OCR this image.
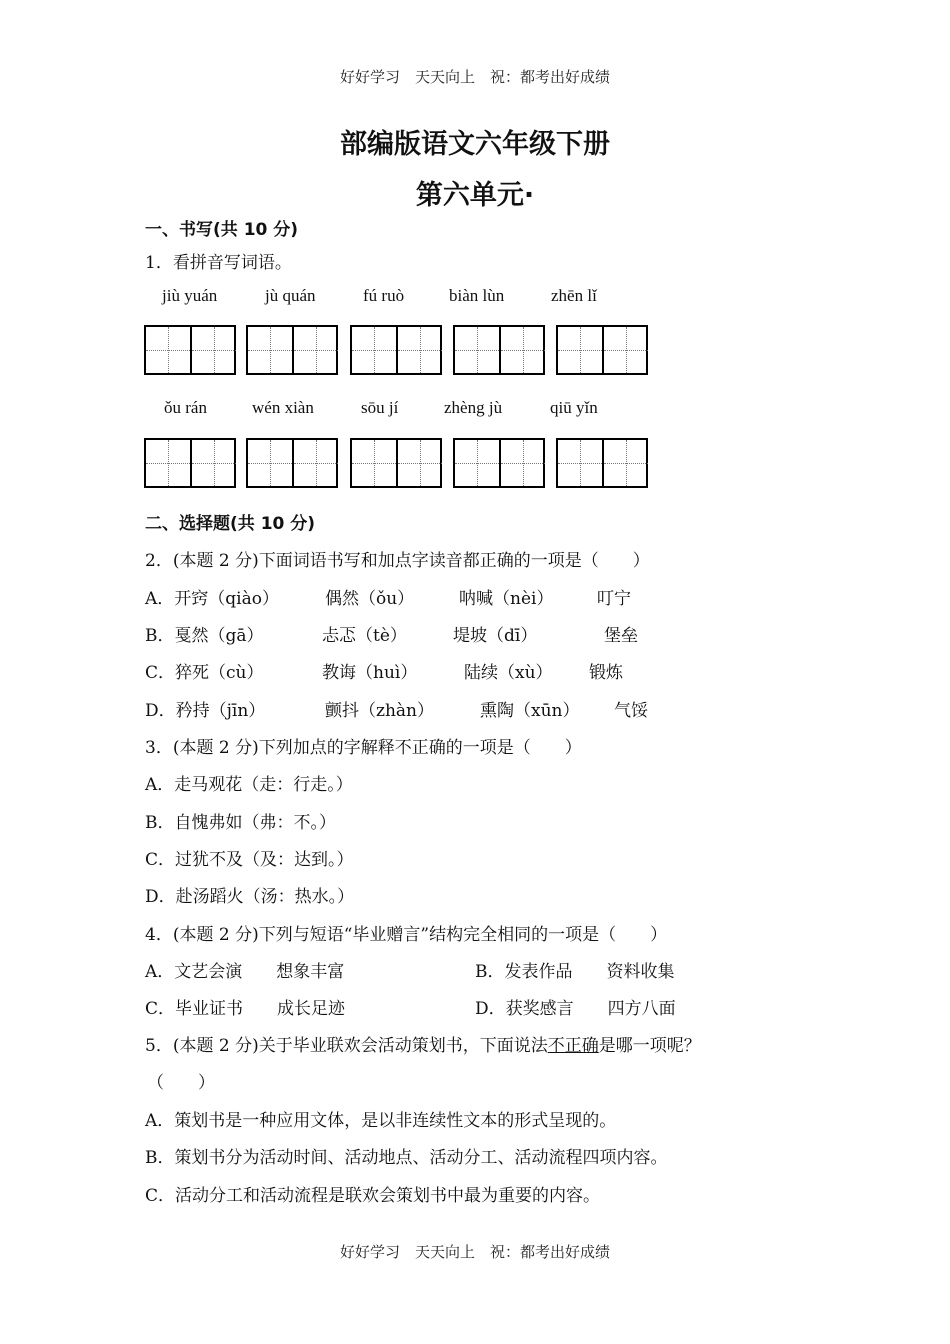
好好学习　天天向上　祝：都考出好成绩
部编版语文六年级下册
第六单元·
一、书写(共 10 分)
1．看拼音写词语。
jiù yuán	jù quán	fú ruò	biàn lùn	zhēn lǐ
ǒu rán	wén xiàn	sōu jí	zhèng jù	qiū yǐn
二、选择题(共 10 分)
2．(本题 2 分)下面词语书写和加点字读音都正确的一项是（　　）
A．开窍（qiào）	偶然（ǒu）	呐喊（nèi）	叮宁
B．戛然（gā）	忐忑（tè）	堤坡（dī）	堡垒
C．猝死（cù）	教诲（huì）	陆续（xù） 锻炼
D．矜持（jīn）	颤抖（zhàn）	熏陶（xūn） 气馁
3．(本题 2 分)下列加点的字解释不正确的一项是（　　）
A．走马观花（走：行走。）
B．自愧弗如（弗：不。）
C．过犹不及（及：达到。）
D．赴汤蹈火（汤：热水。）
4．(本题 2 分)下列与短语“毕业赠言”结构完全相同的一项是（　　）
A．文艺会演　　想象丰富	B．发表作品　　资料收集
C．毕业证书　　成长足迹	D．获奖感言　　四方八面
5．(本题 2 分)关于毕业联欢会活动策划书，下面说法不正确是哪一项呢？
（　　）
A．策划书是一种应用文体，是以非连续性文本的形式呈现的。
B．策划书分为活动时间、活动地点、活动分工、活动流程四项内容。
C．活动分工和活动流程是联欢会策划书中最为重要的内容。
好好学习　天天向上　祝：都考出好成绩
